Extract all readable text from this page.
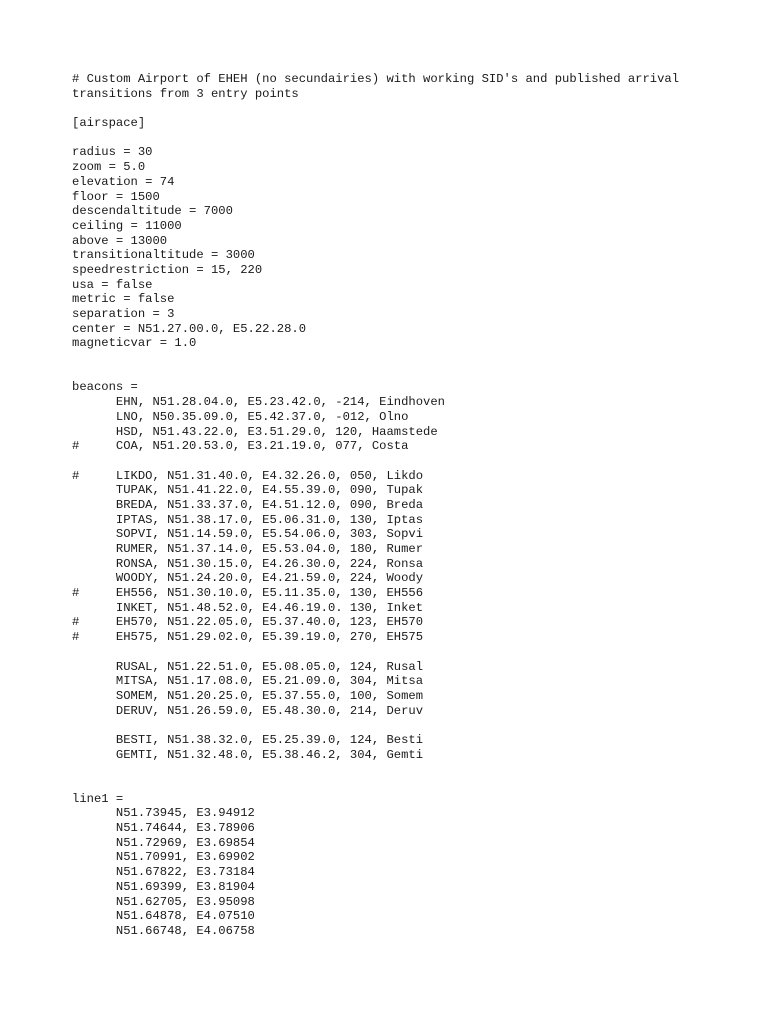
# Custom Airport of EHEH (no secundairies) with working SID's and published arrival
transitions from 3 entry points
[airspace]
radius = 30
zoom = 5.0
elevation = 74
floor = 1500
descendaltitude = 7000
ceiling = 11000
above = 13000
transitionaltitude = 3000
speedrestriction = 15, 220
usa = false
metric = false
separation = 3
center = N51.27.00.0, E5.22.28.0
magneticvar = 1.0
beacons =
EHN, N51.28.04.0, E5.23.42.0, -214, Eindhoven
LNO, N50.35.09.0, E5.42.37.0, -012, Olno
HSD, N51.43.22.0, E3.51.29.0, 120, Haamstede
#     COA, N51.20.53.0, E3.21.19.0, 077, Costa
#     LIKDO, N51.31.40.0, E4.32.26.0, 050, Likdo
TUPAK, N51.41.22.0, E4.55.39.0, 090, Tupak
BREDA, N51.33.37.0, E4.51.12.0, 090, Breda
IPTAS, N51.38.17.0, E5.06.31.0, 130, Iptas
SOPVI, N51.14.59.0, E5.54.06.0, 303, Sopvi
RUMER, N51.37.14.0, E5.53.04.0, 180, Rumer
RONSA, N51.30.15.0, E4.26.30.0, 224, Ronsa
WOODY, N51.24.20.0, E4.21.59.0, 224, Woody
#     EH556, N51.30.10.0, E5.11.35.0, 130, EH556
INKET, N51.48.52.0, E4.46.19.0. 130, Inket
#     EH570, N51.22.05.0, E5.37.40.0, 123, EH570
#     EH575, N51.29.02.0, E5.39.19.0, 270, EH575
RUSAL, N51.22.51.0, E5.08.05.0, 124, Rusal
MITSA, N51.17.08.0, E5.21.09.0, 304, Mitsa
SOMEM, N51.20.25.0, E5.37.55.0, 100, Somem
DERUV, N51.26.59.0, E5.48.30.0, 214, Deruv
BESTI, N51.38.32.0, E5.25.39.0, 124, Besti
GEMTI, N51.32.48.0, E5.38.46.2, 304, Gemti
line1 =
N51.73945, E3.94912
N51.74644, E3.78906
N51.72969, E3.69854
N51.70991, E3.69902
N51.67822, E3.73184
N51.69399, E3.81904
N51.62705, E3.95098
N51.64878, E4.07510
N51.66748, E4.06758
